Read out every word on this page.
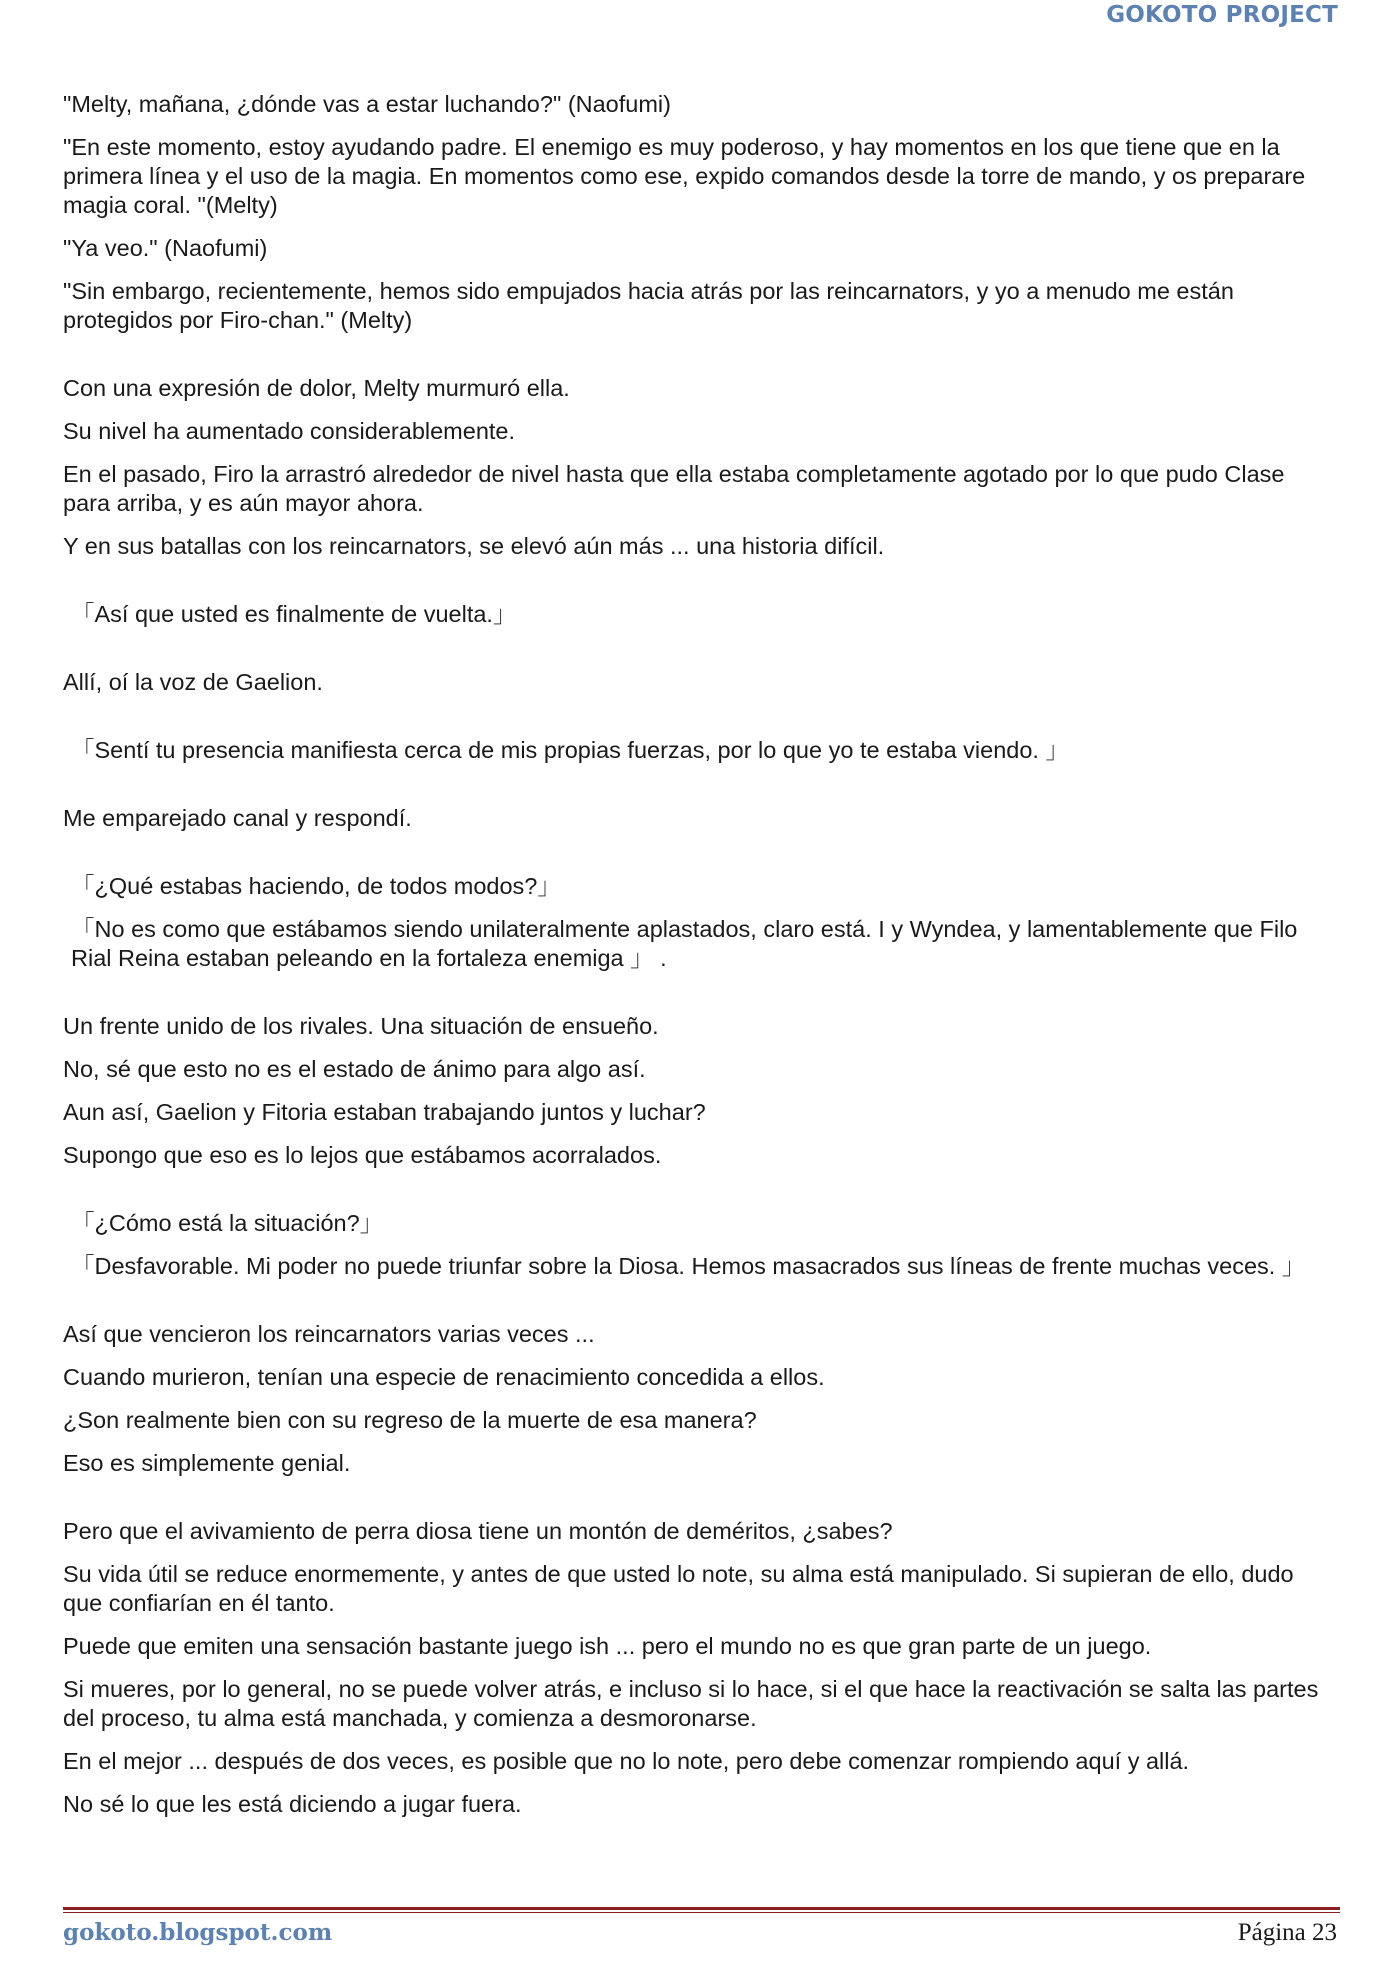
GOKOTO PROJECT

"Melty, mañana, ¿dónde vas a estar luchando?" (Naofumi)

"En este momento, estoy ayudando padre. El enemigo es muy poderoso, y hay momentos en los que tiene que en la primera línea y el uso de la magia. En momentos como ese, expido comandos desde la torre de mando, y os preparare magia coral. "(Melty)

"Ya veo." (Naofumi)

"Sin embargo, recientemente, hemos sido empujados hacia atrás por las reincarnators, y yo a menudo me están protegidos por Firo-chan." (Melty)

Con una expresión de dolor, Melty murmuró ella.

Su nivel ha aumentado considerablemente.

En el pasado, Firo la arrastró alrededor de nivel hasta que ella estaba completamente agotado por lo que pudo Clase para arriba, y es aún mayor ahora.

Y en sus batallas con los reincarnators, se elevó aún más ... una historia difícil.

「Así que usted es finalmente de vuelta.」

Allí, oí la voz de Gaelion.

「Sentí tu presencia manifiesta cerca de mis propias fuerzas, por lo que yo te estaba viendo. 」

Me emparejado canal y respondí.

「¿Qué estabas haciendo, de todos modos?」

「No es como que estábamos siendo unilateralmente aplastados, claro está. I y Wyndea, y lamentablemente que Filo Rial Reina estaban peleando en la fortaleza enemiga 」 .

Un frente unido de los rivales. Una situación de ensueño.

No, sé que esto no es el estado de ánimo para algo así.

Aun así, Gaelion y Fitoria estaban trabajando juntos y luchar?

Supongo que eso es lo lejos que estábamos acorralados.

「¿Cómo está la situación?」

「Desfavorable. Mi poder no puede triunfar sobre la Diosa. Hemos masacrados sus líneas de frente muchas veces. 」

Así que vencieron los reincarnators varias veces ...

Cuando murieron, tenían una especie de renacimiento concedida a ellos.

¿Son realmente bien con su regreso de la muerte de esa manera?

Eso es simplemente genial.

Pero que el avivamiento de perra diosa tiene un montón de deméritos, ¿sabes?

Su vida útil se reduce enormemente, y antes de que usted lo note, su alma está manipulado. Si supieran de ello, dudo que confiarían en él tanto.

Puede que emiten una sensación bastante juego ish ... pero el mundo no es que gran parte de un juego.

Si mueres, por lo general, no se puede volver atrás, e incluso si lo hace, si el que hace la reactivación se salta las partes del proceso, tu alma está manchada, y comienza a desmoronarse.

En el mejor ... después de dos veces, es posible que no lo note, pero debe comenzar rompiendo aquí y allá.

No sé lo que les está diciendo a jugar fuera.

gokoto.blogspot.com	Página 23
